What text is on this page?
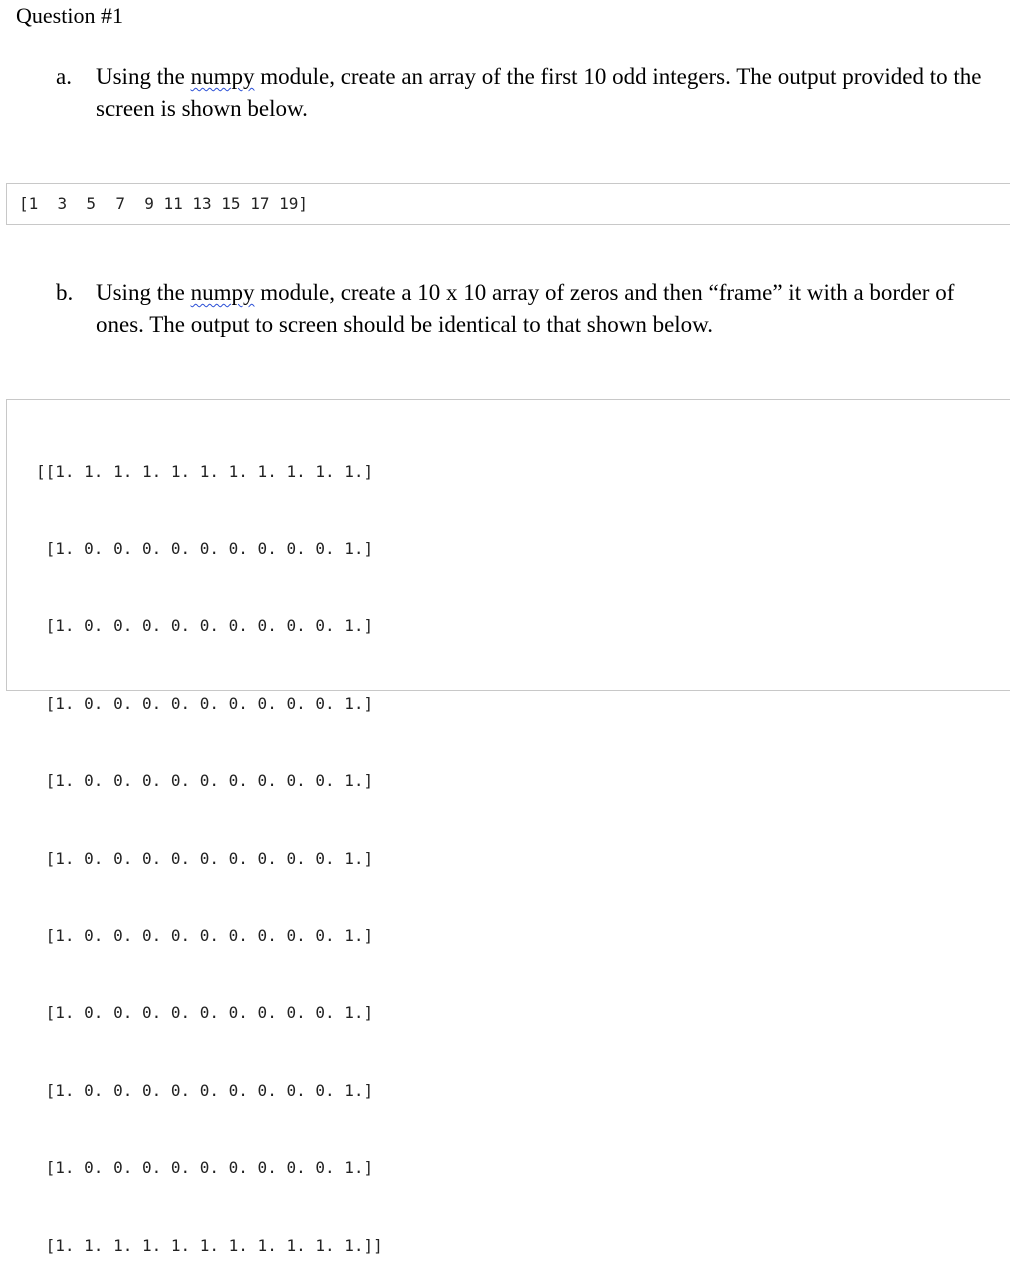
Question #1
a. Using the numpy module, create an array of the first 10 odd integers. The output provided to the screen is shown below.
[1  3  5  7  9 11 13 15 17 19]
b. Using the numpy module, create a 10 x 10 array of zeros and then “frame” it with a border of ones. The output to screen should be identical to that shown below.

[[1. 1. 1. 1. 1. 1. 1. 1. 1. 1. 1.]

[1. 0. 0. 0. 0. 0. 0. 0. 0. 0. 1.]

[1. 0. 0. 0. 0. 0. 0. 0. 0. 0. 1.]

[1. 0. 0. 0. 0. 0. 0. 0. 0. 0. 1.]

[1. 0. 0. 0. 0. 0. 0. 0. 0. 0. 1.]

[1. 0. 0. 0. 0. 0. 0. 0. 0. 0. 1.]

[1. 0. 0. 0. 0. 0. 0. 0. 0. 0. 1.]

[1. 0. 0. 0. 0. 0. 0. 0. 0. 0. 1.]

[1. 0. 0. 0. 0. 0. 0. 0. 0. 0. 1.]

[1. 0. 0. 0. 0. 0. 0. 0. 0. 0. 1.]

[1. 1. 1. 1. 1. 1. 1. 1. 1. 1. 1.]]
